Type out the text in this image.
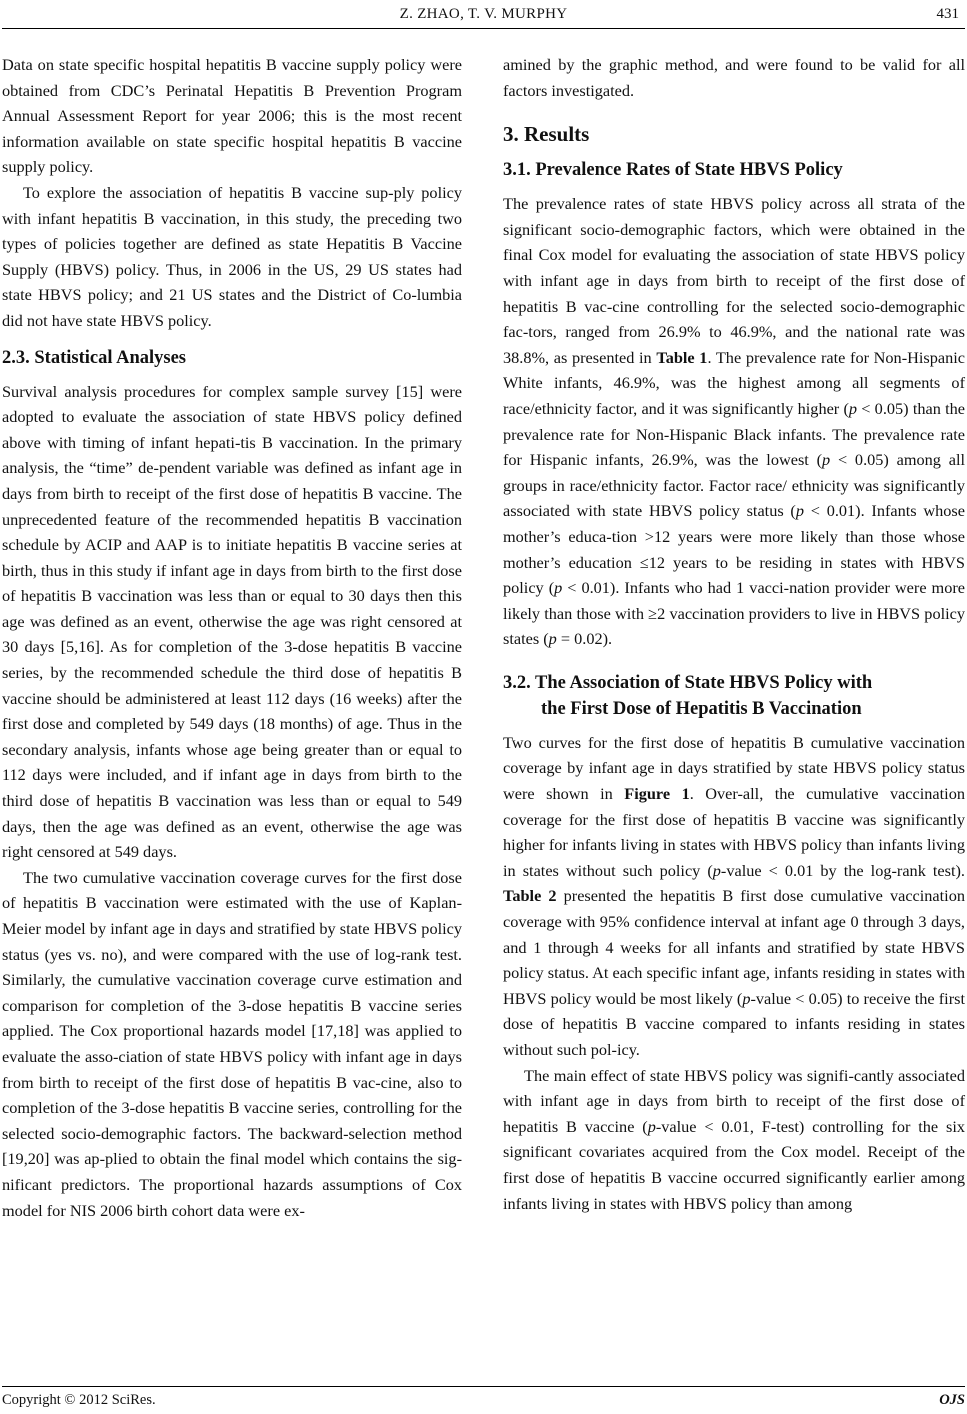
Z. ZHAO, T. V. MURPHY	431

Data on state specific hospital hepatitis B vaccine supply policy were obtained from CDC’s Perinatal Hepatitis B Prevention Program Annual Assessment Report for year 2006; this is the most recent information available on state specific hospital hepatitis B vaccine supply policy.

To explore the association of hepatitis B vaccine sup-ply policy with infant hepatitis B vaccination, in this study, the preceding two types of policies together are defined as state Hepatitis B Vaccine Supply (HBVS) policy. Thus, in 2006 in the US, 29 US states had state HBVS policy; and 21 US states and the District of Co-lumbia did not have state HBVS policy.

2.3. Statistical Analyses

Survival analysis procedures for complex sample survey [15] were adopted to evaluate the association of state HBVS policy defined above with timing of infant hepati-tis B vaccination. In the primary analysis, the “time” de-pendent variable was defined as infant age in days from birth to receipt of the first dose of hepatitis B vaccine. The unprecedented feature of the recommended hepatitis B vaccination schedule by ACIP and AAP is to initiate hepatitis B vaccine series at birth, thus in this study if infant age in days from birth to the first dose of hepatitis B vaccination was less than or equal to 30 days then this age was defined as an event, otherwise the age was right censored at 30 days [5,16]. As for completion of the 3-dose hepatitis B vaccine series, by the recommended schedule the third dose of hepatitis B vaccine should be administered at least 112 days (16 weeks) after the first dose and completed by 549 days (18 months) of age. Thus in the secondary analysis, infants whose age being greater than or equal to 112 days were included, and if infant age in days from birth to the third dose of hepatitis B vaccination was less than or equal to 549 days, then the age was defined as an event, otherwise the age was right censored at 549 days.

The two cumulative vaccination coverage curves for the first dose of hepatitis B vaccination were estimated with the use of Kaplan-Meier model by infant age in days and stratified by state HBVS policy status (yes vs. no), and were compared with the use of log-rank test. Similarly, the cumulative vaccination coverage curve estimation and comparison for completion of the 3-dose hepatitis B vaccine series applied. The Cox proportional hazards model [17,18] was applied to evaluate the asso-ciation of state HBVS policy with infant age in days from birth to receipt of the first dose of hepatitis B vac-cine, also to completion of the 3-dose hepatitis B vaccine series, controlling for the selected socio-demographic factors. The backward-selection method [19,20] was ap-plied to obtain the final model which contains the sig-nificant predictors. The proportional hazards assumptions of Cox model for NIS 2006 birth cohort data were ex-

amined by the graphic method, and were found to be valid for all factors investigated.

3. Results
3.1. Prevalence Rates of State HBVS Policy

The prevalence rates of state HBVS policy across all strata of the significant socio-demographic factors, which were obtained in the final Cox model for evaluating the association of state HBVS policy with infant age in days from birth to receipt of the first dose of hepatitis B vac-cine controlling for the selected socio-demographic fac-tors, ranged from 26.9% to 46.9%, and the national rate was 38.8%, as presented in Table 1. The prevalence rate for Non-Hispanic White infants, 46.9%, was the highest among all segments of race/ethnicity factor, and it was significantly higher (p < 0.05) than the prevalence rate for Non-Hispanic Black infants. The prevalence rate for Hispanic infants, 26.9%, was the lowest (p < 0.05) among all groups in race/ethnicity factor. Factor race/ ethnicity was significantly associated with state HBVS policy status (p < 0.01). Infants whose mother’s educa-tion >12 years were more likely than those whose mother’s education ≤12 years to be residing in states with HBVS policy (p < 0.01). Infants who had 1 vacci-nation provider were more likely than those with ≥2 vaccination providers to live in HBVS policy states (p = 0.02).

3.2. The Association of State HBVS Policy with
the First Dose of Hepatitis B Vaccination

Two curves for the first dose of hepatitis B cumulative vaccination coverage by infant age in days stratified by state HBVS policy status were shown in Figure 1. Over-all, the cumulative vaccination coverage for the first dose of hepatitis B vaccine was significantly higher for infants living in states with HBVS policy than infants living in states without such policy (p-value < 0.01 by the log-rank test). Table 2 presented the hepatitis B first dose cumulative vaccination coverage with 95% confidence interval at infant age 0 through 3 days, and 1 through 4 weeks for all infants and stratified by state HBVS policy status. At each specific infant age, infants residing in states with HBVS policy would be most likely (p-value < 0.05) to receive the first dose of hepatitis B vaccine compared to infants residing in states without such pol-icy.

The main effect of state HBVS policy was signifi-cantly associated with infant age in days from birth to receipt of the first dose of hepatitis B vaccine (p-value < 0.01, F-test) controlling for the six significant covariates acquired from the Cox model. Receipt of the first dose of hepatitis B vaccine occurred significantly earlier among infants living in states with HBVS policy than among

Copyright © 2012 SciRes.	OJS
